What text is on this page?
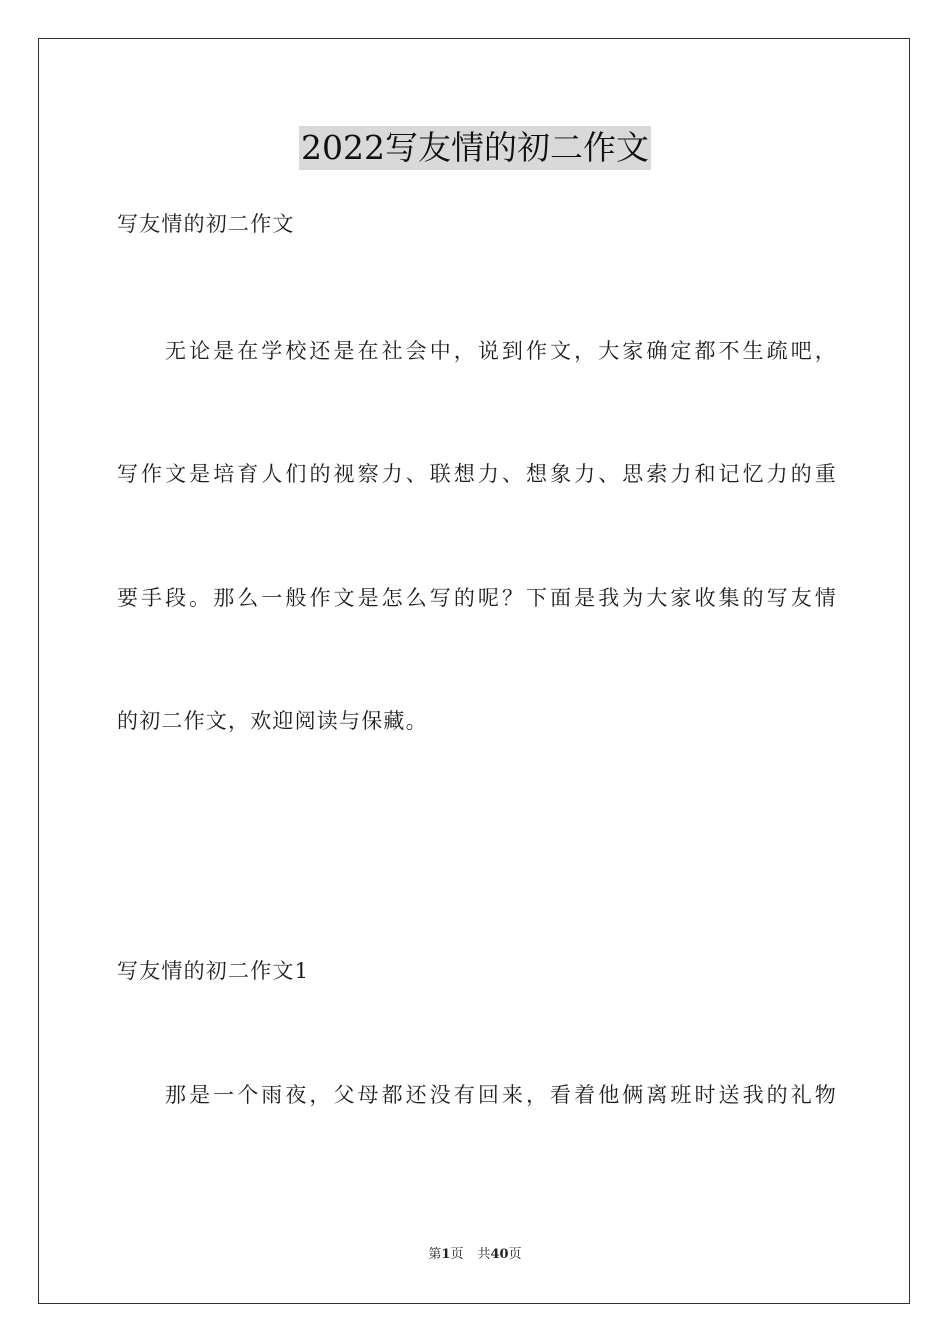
2022写友情的初二作文
写友情的初二作文
无论是在学校还是在社会中，说到作文，大家确定都不生疏吧，
写作文是培育人们的视察力、联想力、想象力、思索力和记忆力的重
要手段。那么一般作文是怎么写的呢？下面是我为大家收集的写友情
的初二作文，欢迎阅读与保藏。
写友情的初二作文1
那是一个雨夜，父母都还没有回来，看着他俩离班时送我的礼物
第1页 共40页
